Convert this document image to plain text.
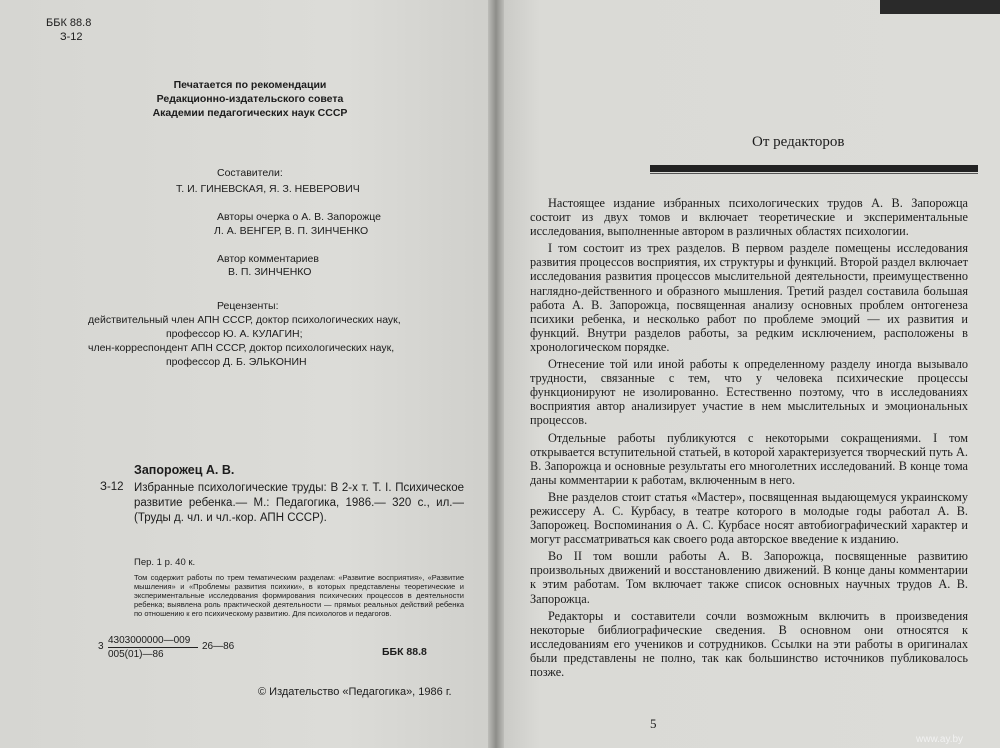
ББК 88.8
З-12
Печатается по рекомендации
Редакционно-издательского совета
Академии педагогических наук СССР
Составители:
Т. И. ГИНЕВСКАЯ, Я. З. НЕВЕРОВИЧ
Авторы очерка о А. В. Запорожце
Л. А. ВЕНГЕР, В. П. ЗИНЧЕНКО
Автор комментариев
В. П. ЗИНЧЕНКО
Рецензенты:
действительный член АПН СССР, доктор психологических наук,
профессор Ю. А. КУЛАГИН;
член-корреспондент АПН СССР, доктор психологических наук,
профессор Д. Б. ЭЛЬКОНИН
Запорожец А. В.
З-12 Избранные психологические труды: В 2-х т. Т. I. Психическое развитие ребенка.— М.: Педагогика, 1986.— 320 с., ил.— (Труды д. чл. и чл.-кор. АПН СССР).
Пер. 1 р. 40 к.
Том содержит работы по трем тематическим разделам: «Развитие восприятия», «Развитие мышления» и «Проблемы развития психики», в которых представлены теоретические и экспериментальные исследования формирования психических процессов в деятельности ребенка; выявлена роль практической деятельности — прямых реальных действий ребенка по отношению к его психическому развитию. Для психологов и педагогов.
$3 \frac{4303000000—009}{005(01)—86}$ 26—86	ББК 88.8
© Издательство «Педагогика», 1986 г.
От редакторов

Настоящее издание избранных психологических трудов А. В. Запорожца состоит из двух томов и включает теоретические и экспериментальные исследования, выполненные автором в различных областях психологии.

I том состоит из трех разделов. В первом разделе помещены исследования развития процессов восприятия, их структуры и функций. Второй раздел включает исследования развития процессов мыслительной деятельности, преимущественно наглядно-действенного и образного мышления. Третий раздел составила большая работа А. В. Запорожца, посвященная анализу основных проблем онтогенеза психики ребенка, и несколько работ по проблеме эмоций — их развития и функций. Внутри разделов работы, за редким исключением, расположены в хронологическом порядке.

Отнесение той или иной работы к определенному разделу иногда вызывало трудности, связанные с тем, что у человека психические процессы функционируют не изолированно. Естественно поэтому, что в исследованиях восприятия автор анализирует участие в нем мыслительных и эмоциональных процессов.

Отдельные работы публикуются с некоторыми сокращениями. I том открывается вступительной статьей, в которой характеризуется творческий путь А. В. Запорожца и основные результаты его многолетних исследований. В конце тома даны комментарии к работам, включенным в него.

Вне разделов стоит статья «Мастер», посвященная выдающемуся украинскому режиссеру А. С. Курбасу, в театре которого в молодые годы работал А. В. Запорожец. Воспоминания о А. С. Курбасе носят автобиографический характер и могут рассматриваться как своего рода авторское введение к изданию.

Во II том вошли работы А. В. Запорожца, посвященные развитию произвольных движений и восстановлению движений. В конце даны комментарии к этим работам. Том включает также список основных научных трудов А. В. Запорожца.

Редакторы и составители сочли возможным включить в произведения некоторые библиографические сведения. В основном они относятся к исследованиям его учеников и сотрудников. Ссылки на эти работы в оригиналах были представлены не полно, так как большинство источников публиковалось позже.

5
www.ay.by
